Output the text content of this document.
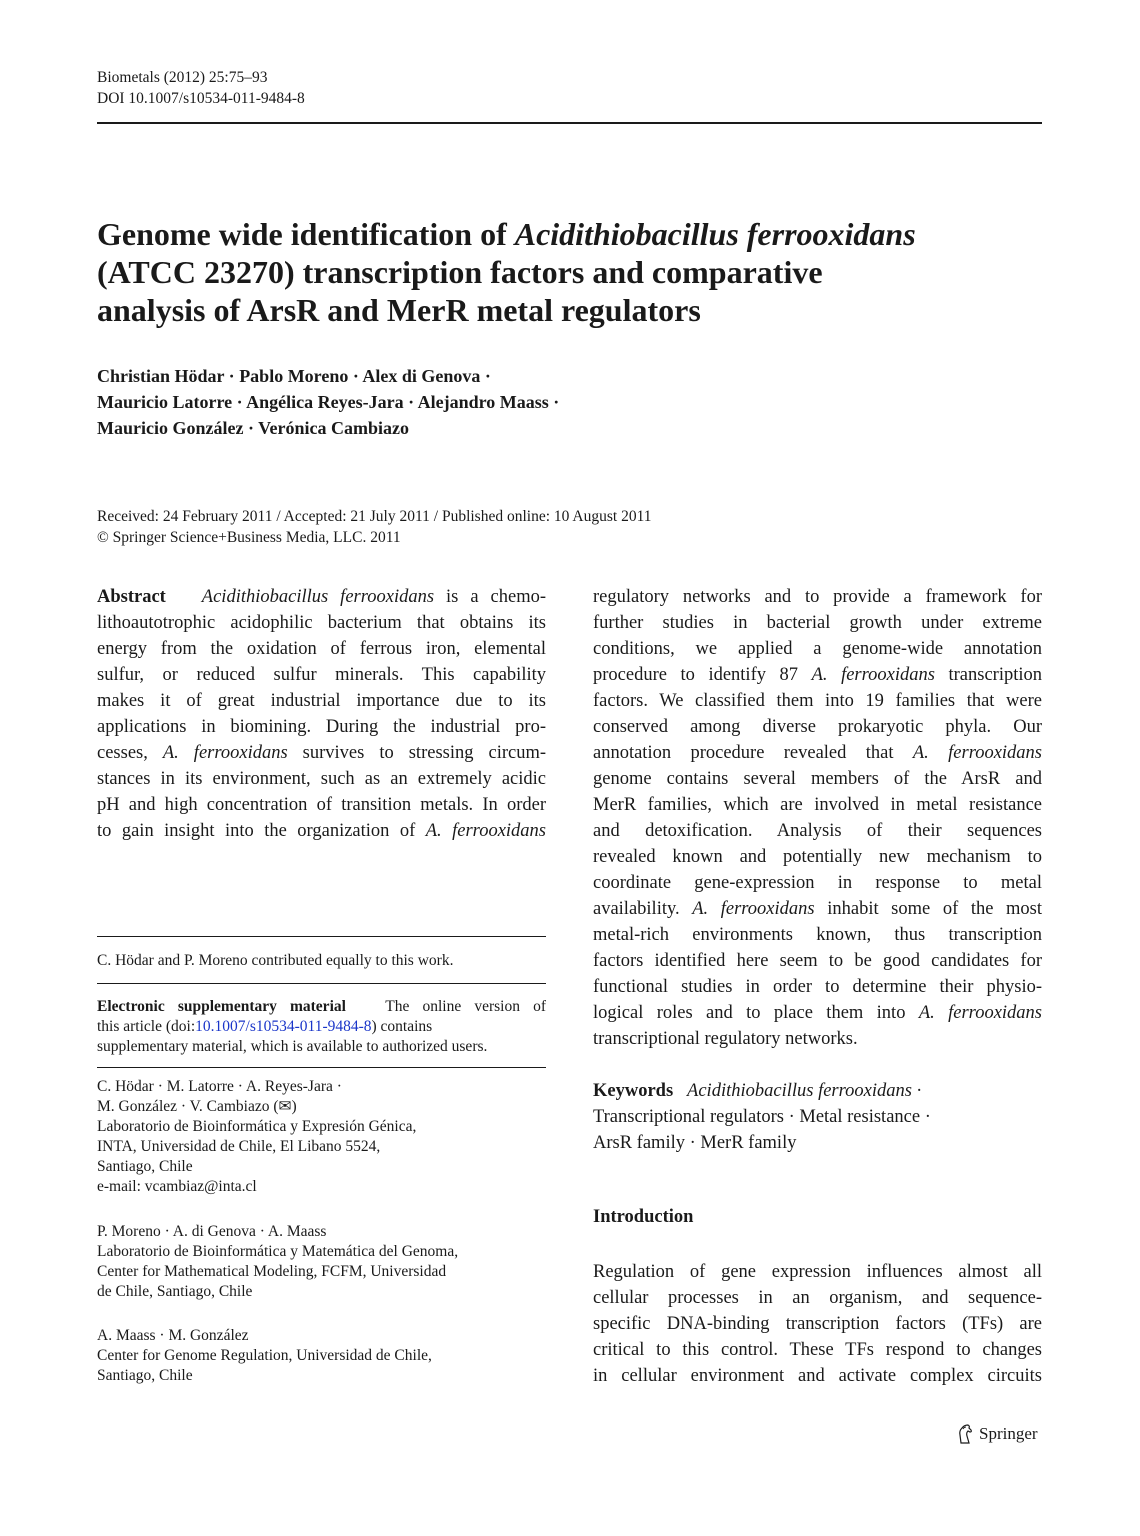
Biometals (2012) 25:75–93
DOI 10.1007/s10534-011-9484-8
Genome wide identification of Acidithiobacillus ferrooxidans
(ATCC 23270) transcription factors and comparative
analysis of ArsR and MerR metal regulators
Christian Hödar · Pablo Moreno · Alex di Genova ·
Mauricio Latorre · Angélica Reyes-Jara · Alejandro Maass ·
Mauricio González · Verónica Cambiazo
Received: 24 February 2011 / Accepted: 21 July 2011 / Published online: 10 August 2011
© Springer Science+Business Media, LLC. 2011
Abstract Acidithiobacillus ferrooxidans is a chemo-
lithoautotrophic acidophilic bacterium that obtains its
energy from the oxidation of ferrous iron, elemental
sulfur, or reduced sulfur minerals. This capability
makes it of great industrial importance due to its
applications in biomining. During the industrial pro-
cesses, A. ferrooxidans survives to stressing circum-
stances in its environment, such as an extremely acidic
pH and high concentration of transition metals. In order
to gain insight into the organization of A. ferrooxidans
C. Hödar and P. Moreno contributed equally to this work.
Electronic supplementary material	The online version of
this article (doi:10.1007/s10534-011-9484-8) contains
supplementary material, which is available to authorized users.
C. Hödar · M. Latorre · A. Reyes-Jara ·
M. González · V. Cambiazo (✉)
Laboratorio de Bioinformática y Expresión Génica,
INTA, Universidad de Chile, El Libano 5524,
Santiago, Chile
e-mail: vcambiaz@inta.cl
P. Moreno · A. di Genova · A. Maass
Laboratorio de Bioinformática y Matemática del Genoma,
Center for Mathematical Modeling, FCFM, Universidad
de Chile, Santiago, Chile
A. Maass · M. González
Center for Genome Regulation, Universidad de Chile,
Santiago, Chile
regulatory networks and to provide a framework for
further studies in bacterial growth under extreme
conditions, we applied a genome-wide annotation
procedure to identify 87 A. ferrooxidans transcription
factors. We classified them into 19 families that were
conserved among diverse prokaryotic phyla. Our
annotation procedure revealed that A. ferrooxidans
genome contains several members of the ArsR and
MerR families, which are involved in metal resistance
and detoxification. Analysis of their sequences
revealed known and potentially new mechanism to
coordinate gene-expression in response to metal
availability. A. ferrooxidans inhabit some of the most
metal-rich environments known, thus transcription
factors identified here seem to be good candidates for
functional studies in order to determine their physio-
logical roles and to place them into A. ferrooxidans
transcriptional regulatory networks.
Keywords Acidithiobacillus ferrooxidans ·
Transcriptional regulators · Metal resistance ·
ArsR family · MerR family
Introduction
Regulation of gene expression influences almost all
cellular processes in an organism, and sequence-
specific DNA-binding transcription factors (TFs) are
critical to this control. These TFs respond to changes
in cellular environment and activate complex circuits
Springer
